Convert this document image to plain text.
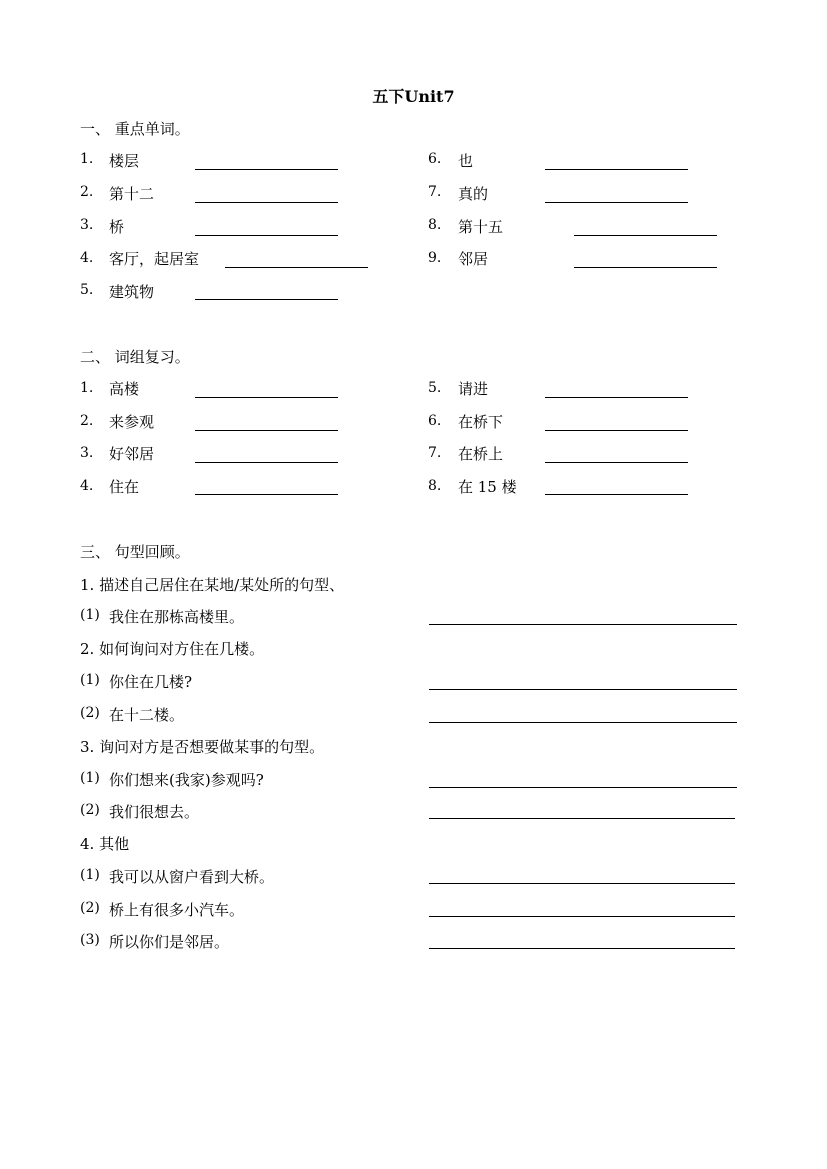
五下Unit7
一、 重点单词。
1. 楼层
2. 第十二
3. 桥
4. 客厅，起居室
5. 建筑物
6. 也
7. 真的
8. 第十五
9. 邻居
二、 词组复习。
1. 高楼
2. 来参观
3. 好邻居
4. 住在
5. 请进
6. 在桥下
7. 在桥上
8. 在 15 楼
三、 句型回顾。
1. 描述自己居住在某地/某处所的句型、
(1) 我住在那栋高楼里。
2. 如何询问对方住在几楼。
(1) 你住在几楼?
(2) 在十二楼。
3. 询问对方是否想要做某事的句型。
(1) 你们想来(我家)参观吗?
(2) 我们很想去。
4. 其他
(1) 我可以从窗户看到大桥。
(2) 桥上有很多小汽车。
(3) 所以你们是邻居。
